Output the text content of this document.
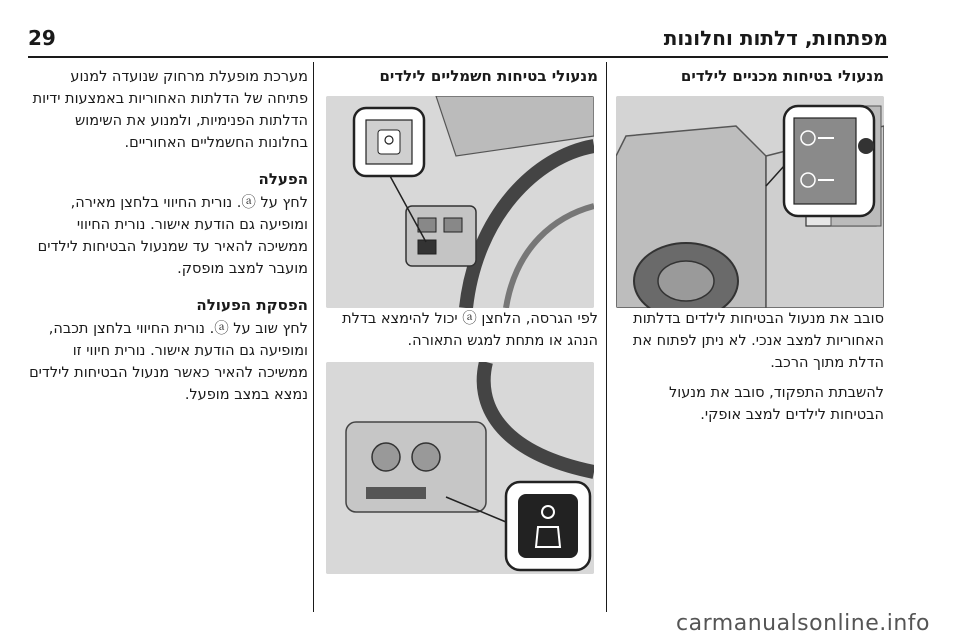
מפתחות, דלתות וחלונות
29
מנעולי בטיחות מכניים לילדים

סובב את מנעול הבטיחות לילדים בדלתות האחוריות למצב אנכי. לא ניתן לפתוח את הדלת מתוך הרכב.

להשבתת התפקוד, סובב את מנעול הבטיחות לילדים למצב אופקי.

מנעולי בטיחות חשמליים לילדים

לפי הגרסה, הלחצן ⓐ יכול להימצא בדלת הנהג או מתחת למגש התאורה.

מערכת מופעלת מרחוק שנועדה למנוע פתיחה של הדלתות האחוריות באמצעות ידיות הדלתות הפנימיות, ולמנוע את השימוש בחלונות החשמליים האחוריים.

הפעלה

לחץ על ⓐ. נורית החיווי בלחצן מאירה, ומופיעה גם הודעת אישור. נורית החיווי ממשיכה להאיר עד שמנעול הבטיחות לילדים מועבר למצב מופסק.

הפסקת הפעולה

לחץ שוב על ⓐ. נורית החיווי בלחצן תכבה, ומופיעה גם הודעת אישור. נורית חיווי זו ממשיכה להאיר כאשר מנעול הבטיחות לילדים נמצא במצב מופעל.

carmanualsonline.info
